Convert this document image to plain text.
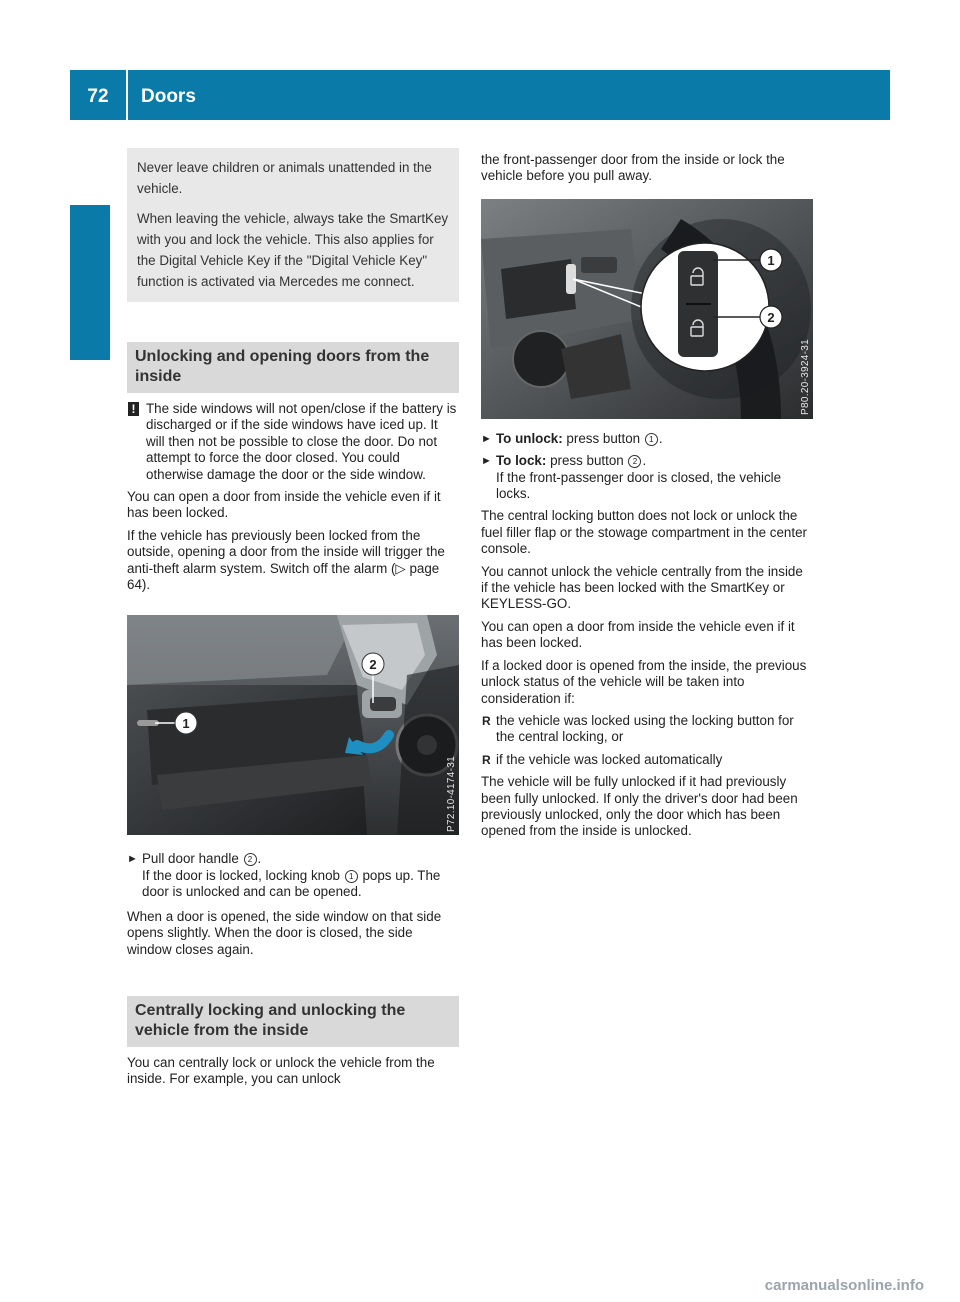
72	Doors

Never leave children or animals unattended in the vehicle.

When leaving the vehicle, always take the SmartKey with you and lock the vehicle. This also applies for the Digital Vehicle Key if the "Digital Vehicle Key" function is activated via Mercedes me connect.

Unlocking and opening doors from the inside

! The side windows will not open/close if the battery is discharged or if the side windows have iced up. It will then not be possible to close the door. Do not attempt to force the door closed. You could otherwise damage the door or the side window.

You can open a door from inside the vehicle even if it has been locked.

If the vehicle has previously been locked from the outside, opening a door from the inside will trigger the anti-theft alarm system. Switch off the alarm (▷ page 64).

1
2
P72.10-4174-31

► Pull door handle 2 .
If the door is locked, locking knob 1 pops up. The door is unlocked and can be opened.

When a door is opened, the side window on that side opens slightly. When the door is closed, the side window closes again.

Centrally locking and unlocking the vehicle from the inside

You can centrally lock or unlock the vehicle from the inside. For example, you can unlock

the front-passenger door from the inside or lock the vehicle before you pull away.

1
2
P80.20-3924-31

► To unlock: press button 1 .

► To lock: press button 2 .
If the front-passenger door is closed, the vehicle locks.

The central locking button does not lock or unlock the fuel filler flap or the stowage compartment in the center console.

You cannot unlock the vehicle centrally from the inside if the vehicle has been locked with the SmartKey or KEYLESS-GO.

You can open a door from inside the vehicle even if it has been locked.

If a locked door is opened from the inside, the previous unlock status of the vehicle will be taken into consideration if:

R the vehicle was locked using the locking button for the central locking, or

R if the vehicle was locked automatically

The vehicle will be fully unlocked if it had previously been fully unlocked. If only the driver's door had been previously unlocked, only the door which has been opened from the inside is unlocked.

carmanualsonline.info
